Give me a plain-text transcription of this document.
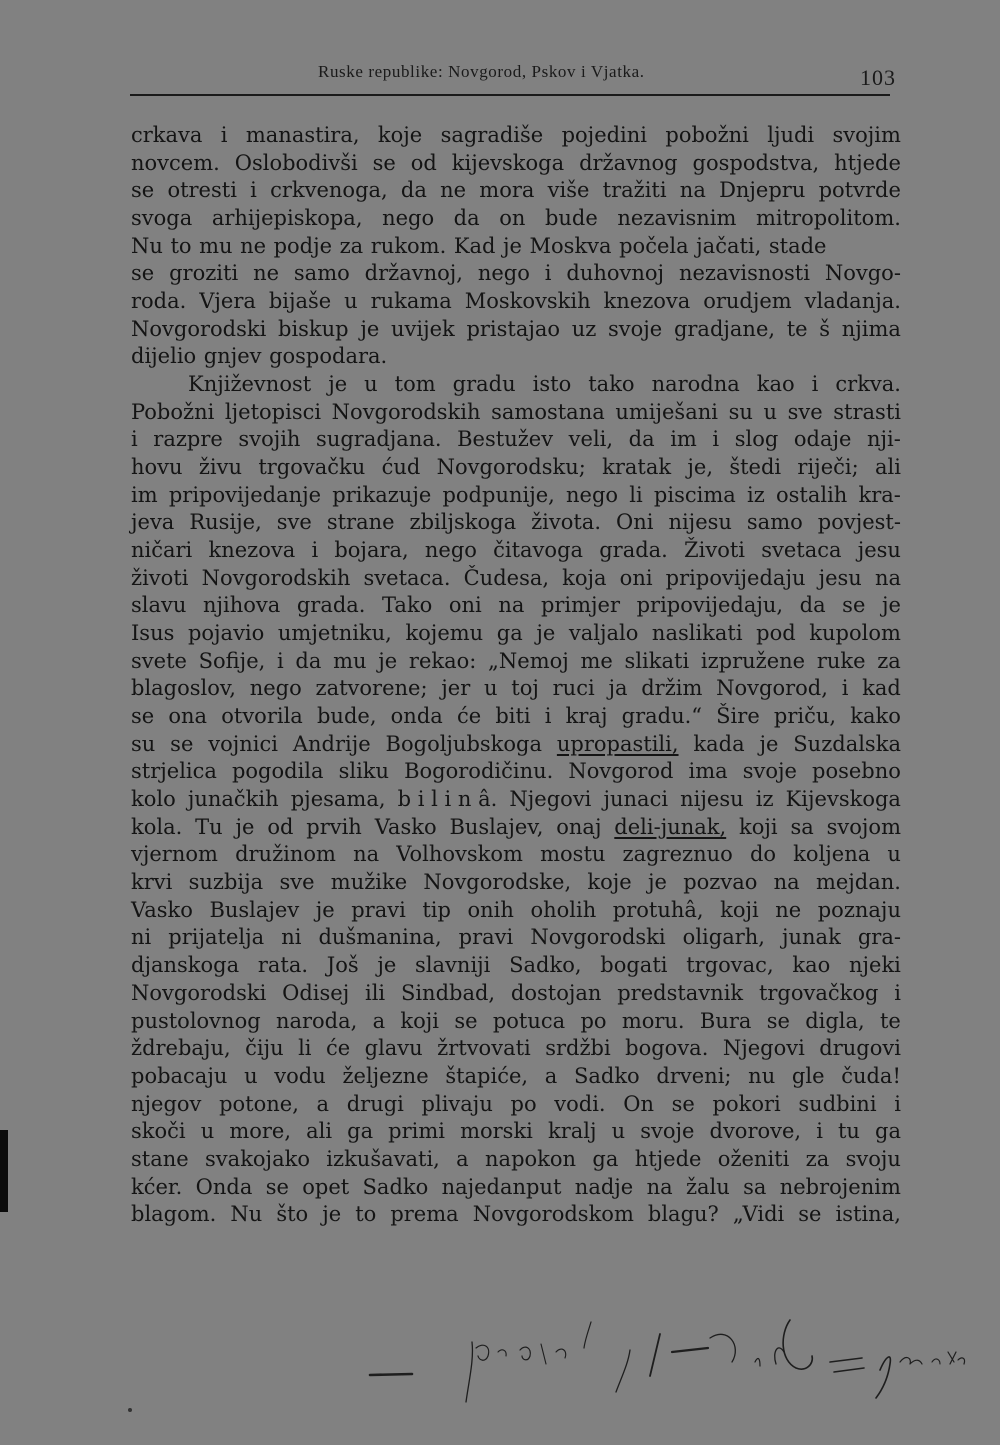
Ruske republike: Novgorod, Pskov i Vjatka.	103
crkava i manastira, koje sagradiše pojedini pobožni ljudi svojim
novcem. Oslobodivši se od kijevskoga državnog gospodstva, htjede
se otresti i crkvenoga, da ne mora više tražiti na Dnjepru potvrde
svoga arhijepiskopa, nego da on bude nezavisnim mitropolitom.
Nu to mu ne podje za rukom. Kad je Moskva počela jačati, stade
se groziti ne samo državnoj, nego i duhovnoj nezavisnosti Novgo-
roda. Vjera bijaše u rukama Moskovskih knezova orudjem vladanja.
Novgorodski biskup je uvijek pristajao uz svoje gradjane, te š njima
dijelio gnjev gospodara.
Književnost je u tom gradu isto tako narodna kao i crkva.
Pobožni ljetopisci Novgorodskih samostana umiješani su u sve strasti
i razpre svojih sugradjana. Bestužev veli, da im i slog odaje nji-
hovu živu trgovačku ćud Novgorodsku; kratak je, štedi riječi; ali
im pripovijedanje prikazuje podpunije, nego li piscima iz ostalih kra-
jeva Rusije, sve strane zbiljskoga života. Oni nijesu samo povjest-
ničari knezova i bojara, nego čitavoga grada. Životi svetaca jesu
životi Novgorodskih svetaca. Čudesa, koja oni pripovijedaju jesu na
slavu njihova grada. Tako oni na primjer pripovijedaju, da se je
Isus pojavio umjetniku, kojemu ga je valjalo naslikati pod kupolom
svete Sofije, i da mu je rekao: „Nemoj me slikati izpružene ruke za
blagoslov, nego zatvorene; jer u toj ruci ja držim Novgorod, i kad
se ona otvorila bude, onda će biti i kraj gradu.“ Šire priču, kako
su se vojnici Andrije Bogoljubskoga upropastili, kada je Suzdalska
strjelica pogodila sliku Bogorodičinu. Novgorod ima svoje posebno
kolo junačkih pjesama, b i l i n â. Njegovi junaci nijesu iz Kijevskoga
kola. Tu je od prvih Vasko Buslajev, onaj deli-junak, koji sa svojom
vjernom družinom na Volhovskom mostu zagreznuo do koljena u
krvi suzbija sve mužike Novgorodske, koje je pozvao na mejdan.
Vasko Buslajev je pravi tip onih oholih protuhâ, koji ne poznaju
ni prijatelja ni dušmanina, pravi Novgorodski oligarh, junak gra-
djanskoga rata. Još je slavniji Sadko, bogati trgovac, kao njeki
Novgorodski Odisej ili Sindbad, dostojan predstavnik trgovačkog i
pustolovnog naroda, a koji se potuca po moru. Bura se digla, te
ždrebaju, čiju li će glavu žrtvovati srdžbi bogova. Njegovi drugovi
pobacaju u vodu željezne štapiće, a Sadko drveni; nu gle čuda!
njegov potone, a drugi plivaju po vodi. On se pokori sudbini i
skoči u more, ali ga primi morski kralj u svoje dvorove, i tu ga
stane svakojako izkušavati, a napokon ga htjede oženiti za svoju
kćer. Onda se opet Sadko najedanput nadje na žalu sa nebrojenim
blagom. Nu što je to prema Novgorodskom blagu? „Vidi se istina,
